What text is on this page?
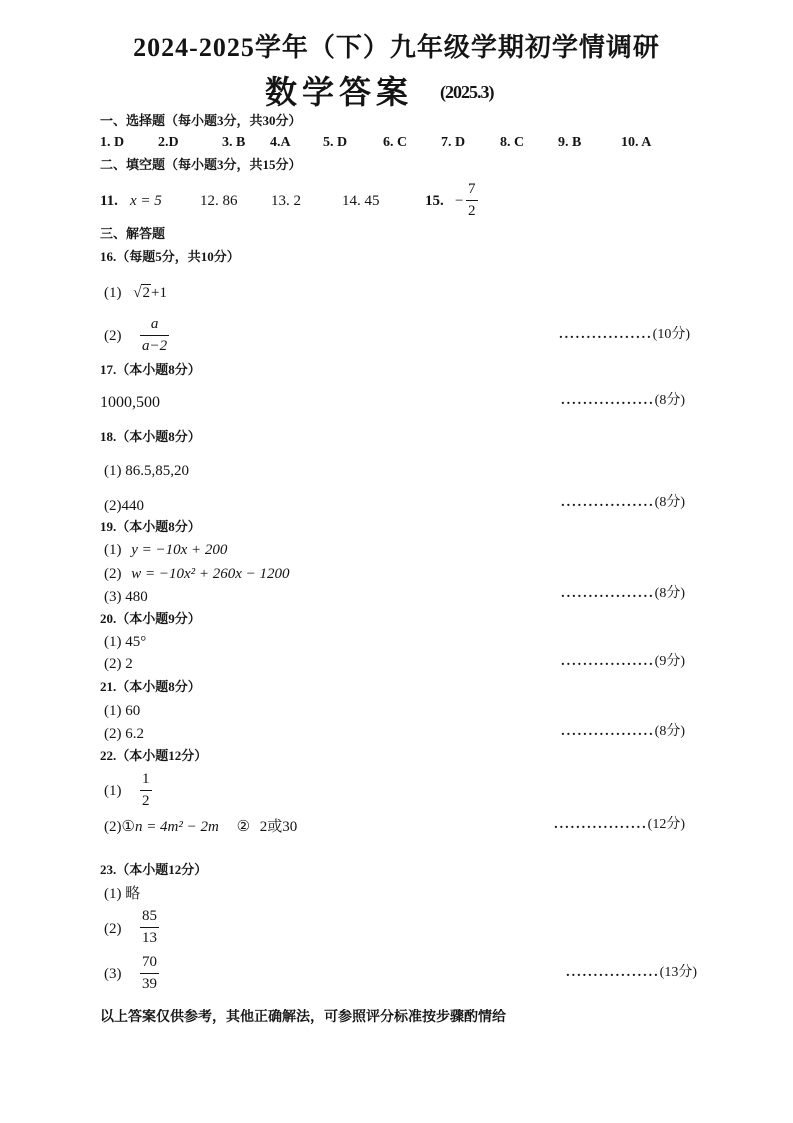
2024-2025学年（下）九年级学期初学情调研
数学答案 (2025.3)
一、选择题（每小题3分，共30分）
1. D 2.D	3. B 4.A 5. D	6. C 7. D 8. C 9. B	10. A
二、填空题（每小题3分，共15分）
11. x = 5	12. 86 13. 2	14. 45	15. − $\frac{7}{2}$
三、解答题
16.（每题5分，共10分）
(1) √2+1
$(2) \frac{a}{a-2}$	.................(10分)
17.（本小题8分）
1000,500	.................(8分)
18.（本小题8分）
(1) 86.5,85,20
(2)440	.................(8分)
19.（本小题8分）
(1) y = −10x + 200
(2) w = −10x² + 260x − 1200
(3) 480	.................(8分)
20.（本小题9分）
(1) 45°
(2) 2	.................(9分)
21.（本小题8分）
(1) 60
(2) 6.2	.................(8分)
22.（本小题12分）
$(1) \frac{1}{2}$
(2)①n = 4m² − 2m ② 2或30	.................(12分)
23.（本小题12分）
(1) 略
$(2) \frac{85}{13}$
$(3) \frac{70}{39}$	.................(13分)
以上答案仅供参考，其他正确解法，可参照评分标准按步骤酌情给
